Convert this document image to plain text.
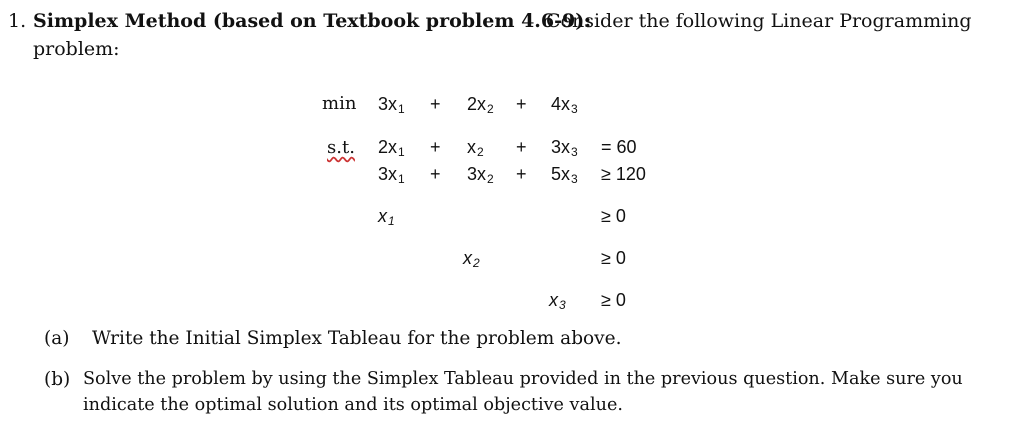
1. Simplex Method (based on Textbook problem 4.6-9):
Consider the following Linear Programming
problem:
min 3x1 + 2x2 + 4x3
s.t. 2x1 + x2 + 3x3 = 60
3x1 + 3x2 + 5x3 ≥ 120
x1	≥ 0
x2	≥ 0
x3 ≥ 0
(a) Write the Initial Simplex Tableau for the problem above.
(b) Solve the problem by using the Simplex Tableau provided in the previous question. Make sure you
indicate the optimal solution and its optimal objective value.
